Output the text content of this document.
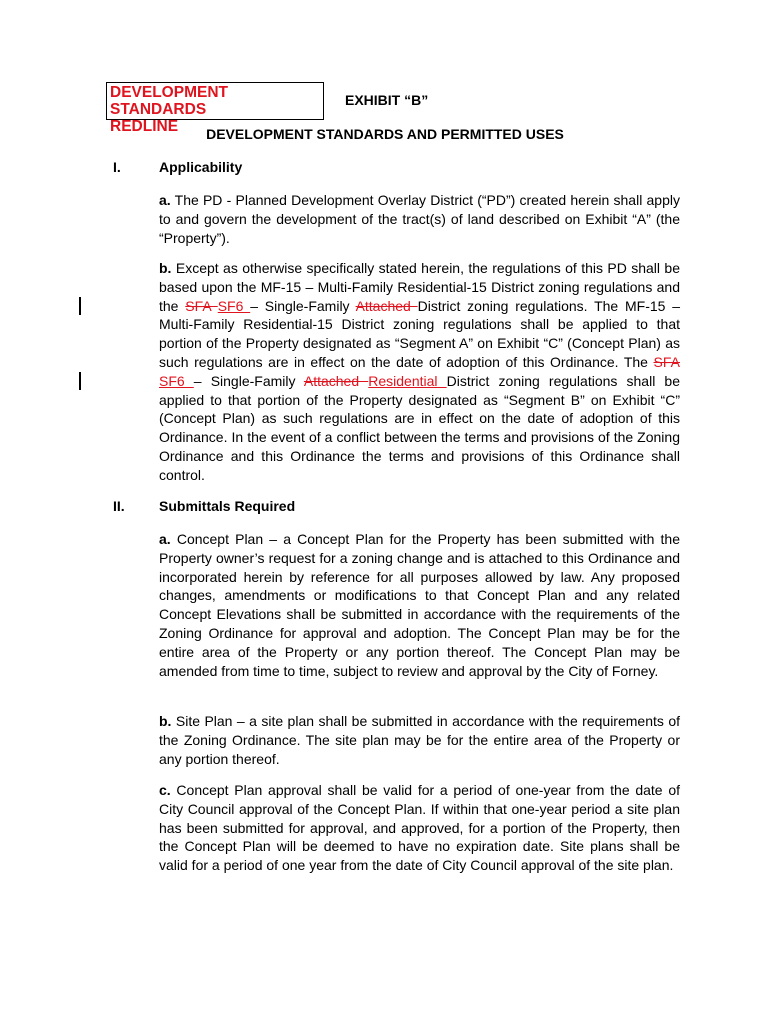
DEVELOPMENT STANDARDS
REDLINE
EXHIBIT “B”
DEVELOPMENT STANDARDS AND PERMITTED USES
I.	Applicability

a. The PD - Planned Development Overlay District (“PD”) created herein shall apply to and govern the development of the tract(s) of land described on Exhibit “A” (the “Property”).

b. Except as otherwise specifically stated herein, the regulations of this PD shall be based upon the MF-15 – Multi-Family Residential-15 District zoning regulations and the SFA SF6 – Single-Family Attached District zoning regulations. The MF-15 – Multi-Family Residential-15 District zoning regulations shall be applied to that portion of the Property designated as “Segment A” on Exhibit “C” (Concept Plan) as such regulations are in effect on the date of adoption of this Ordinance. The SFA SF6 – Single-Family Attached Residential District zoning regulations shall be applied to that portion of the Property designated as “Segment B” on Exhibit “C” (Concept Plan) as such regulations are in effect on the date of adoption of this Ordinance. In the event of a conflict between the terms and provisions of the Zoning Ordinance and this Ordinance the terms and provisions of this Ordinance shall control.

II. Submittals Required

a. Concept Plan – a Concept Plan for the Property has been submitted with the Property owner’s request for a zoning change and is attached to this Ordinance and incorporated herein by reference for all purposes allowed by law. Any proposed changes, amendments or modifications to that Concept Plan and any related Concept Elevations shall be submitted in accordance with the requirements of the Zoning Ordinance for approval and adoption. The Concept Plan may be for the entire area of the Property or any portion thereof. The Concept Plan may be amended from time to time, subject to review and approval by the City of Forney.

b. Site Plan – a site plan shall be submitted in accordance with the requirements of the Zoning Ordinance. The site plan may be for the entire area of the Property or any portion thereof.

c. Concept Plan approval shall be valid for a period of one-year from the date of City Council approval of the Concept Plan. If within that one-year period a site plan has been submitted for approval, and approved, for a portion of the Property, then the Concept Plan will be deemed to have no expiration date. Site plans shall be valid for a period of one year from the date of City Council approval of the site plan.
